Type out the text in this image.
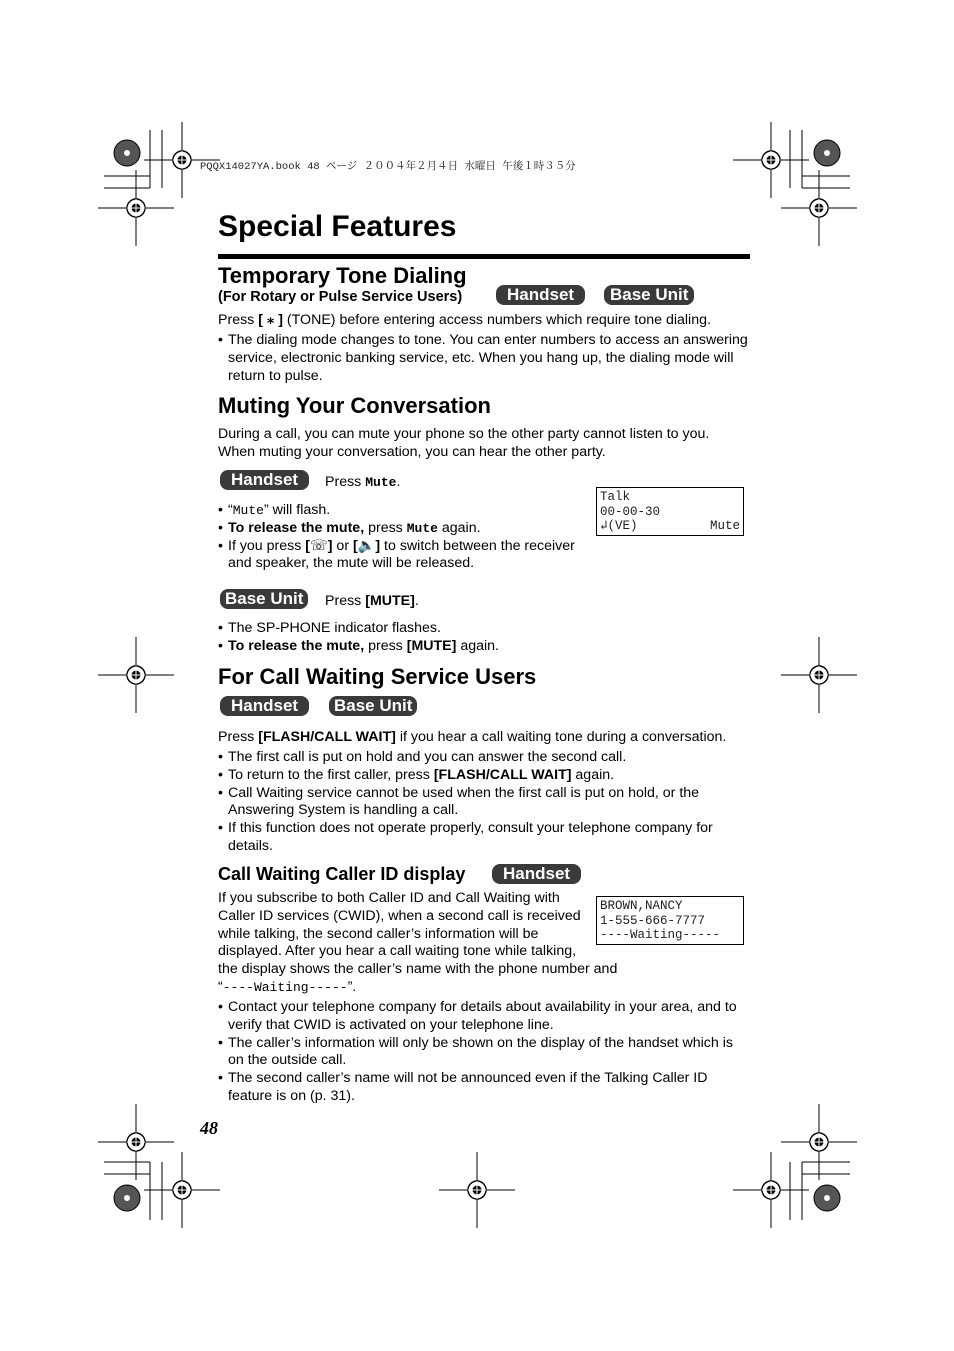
PQQX14027YA.book 48 ページ ２００４年２月４日 水曜日 午後１時３５分
Special Features
Temporary Tone Dialing
(For Rotary or Pulse Service Users)	Handset	Base Unit
Press [ ⁎ ] (TONE) before entering access numbers which require tone dialing.
• The dialing mode changes to tone. You can enter numbers to access an answering service, electronic banking service, etc. When you hang up, the dialing mode will return to pulse.
Muting Your Conversation
During a call, you can mute your phone so the other party cannot listen to you. When muting your conversation, you can hear the other party.
Handset	Press Mute.
Talk
00-00-30
↲(VE)	Mute
• “Mute” will flash.
• To release the mute, press Mute again.
• If you press [☏] or [🔈] to switch between the receiver and speaker, the mute will be released.
Base Unit	Press [MUTE].
• The SP-PHONE indicator flashes.
• To release the mute, press [MUTE] again.
For Call Waiting Service Users
Handset	Base Unit
Press [FLASH/CALL WAIT] if you hear a call waiting tone during a conversation.
• The first call is put on hold and you can answer the second call.
• To return to the first caller, press [FLASH/CALL WAIT] again.
• Call Waiting service cannot be used when the first call is put on hold, or the Answering System is handling a call.
• If this function does not operate properly, consult your telephone company for details.
Call Waiting Caller ID display	Handset
BROWN,NANCY
1-555-666-7777
----Waiting-----
If you subscribe to both Caller ID and Call Waiting with Caller ID services (CWID), when a second call is received while talking, the second caller’s information will be displayed. After you hear a call waiting tone while talking,
the display shows the caller’s name with the phone number and
“----Waiting-----”.
• Contact your telephone company for details about availability in your area, and to verify that CWID is activated on your telephone line.
• The caller’s information will only be shown on the display of the handset which is on the outside call.
• The second caller’s name will not be announced even if the Talking Caller ID feature is on (p. 31).
48
